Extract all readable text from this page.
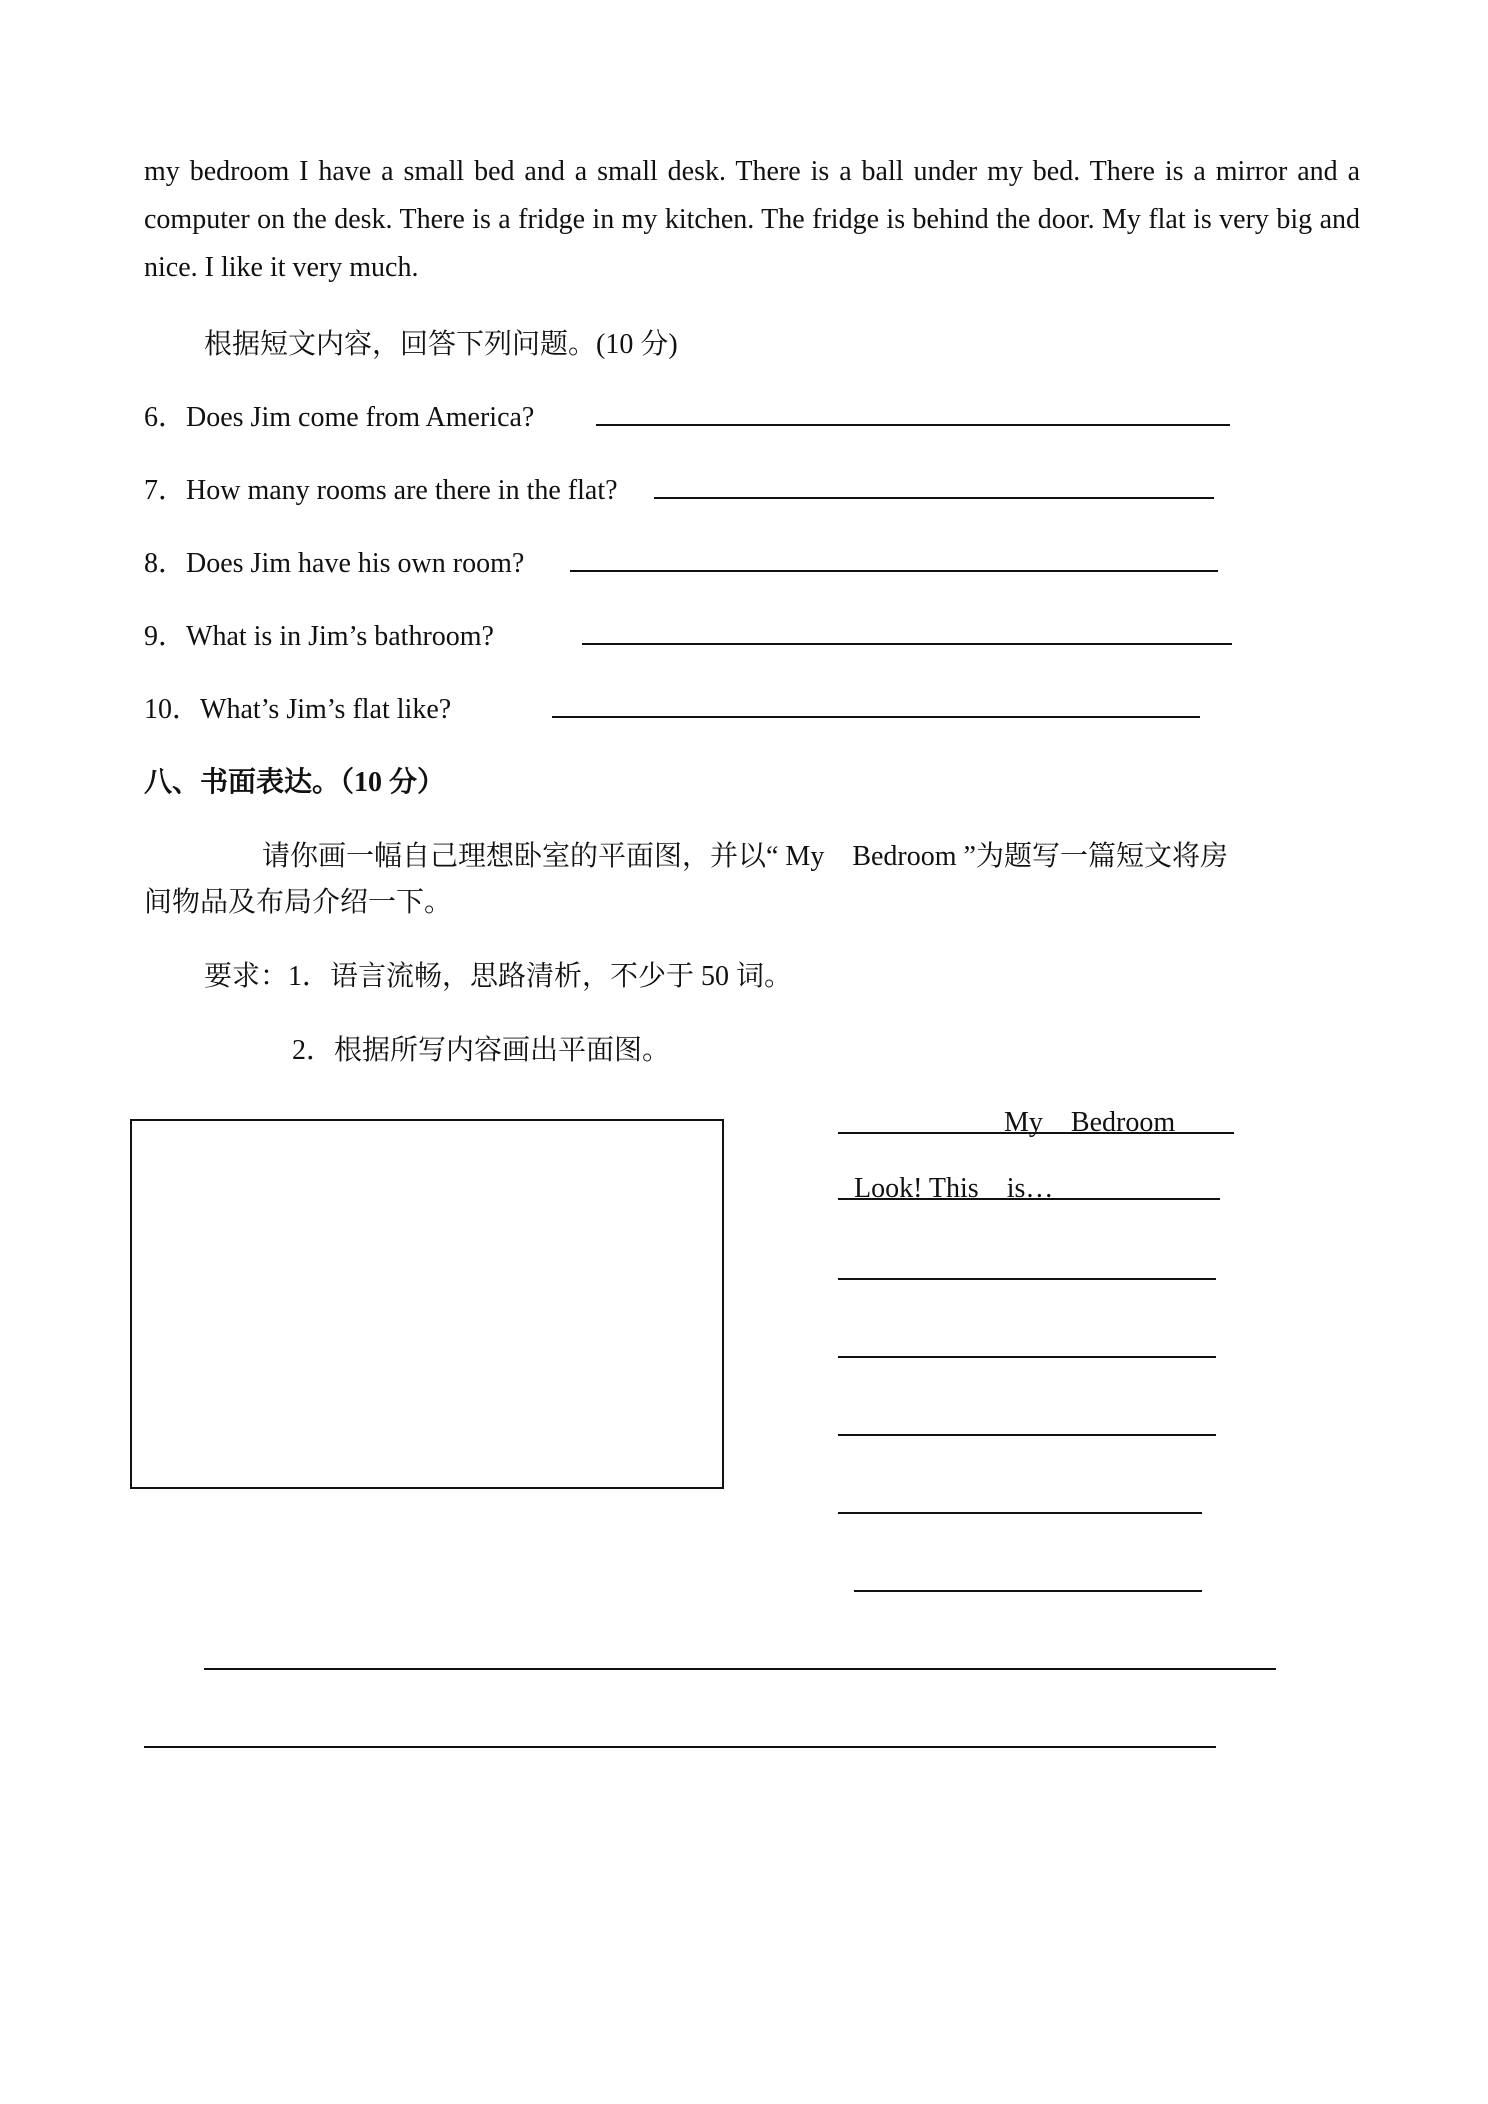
my bedroom I have a small bed and a small desk. There is a ball under my bed. There is a mirror and a computer on the desk. There is a fridge in my kitchen. The fridge is behind the door. My flat is very big and nice. I like it very much.
根据短文内容，回答下列问题。(10 分)
6．Does Jim come from America?
7．How many rooms are there in the flat?
8．Does Jim have his own room?
9．What is in Jim’s bathroom?
10．What’s Jim’s flat like?
八、书面表达。（10 分）
请你画一幅自己理想卧室的平面图，并以“ My　Bedroom ”为题写一篇短文将房
间物品及布局介绍一下。
要求：1．语言流畅，思路清析，不少于 50 词。
2．根据所写内容画出平面图。
My　Bedroom
Look! This　is…
